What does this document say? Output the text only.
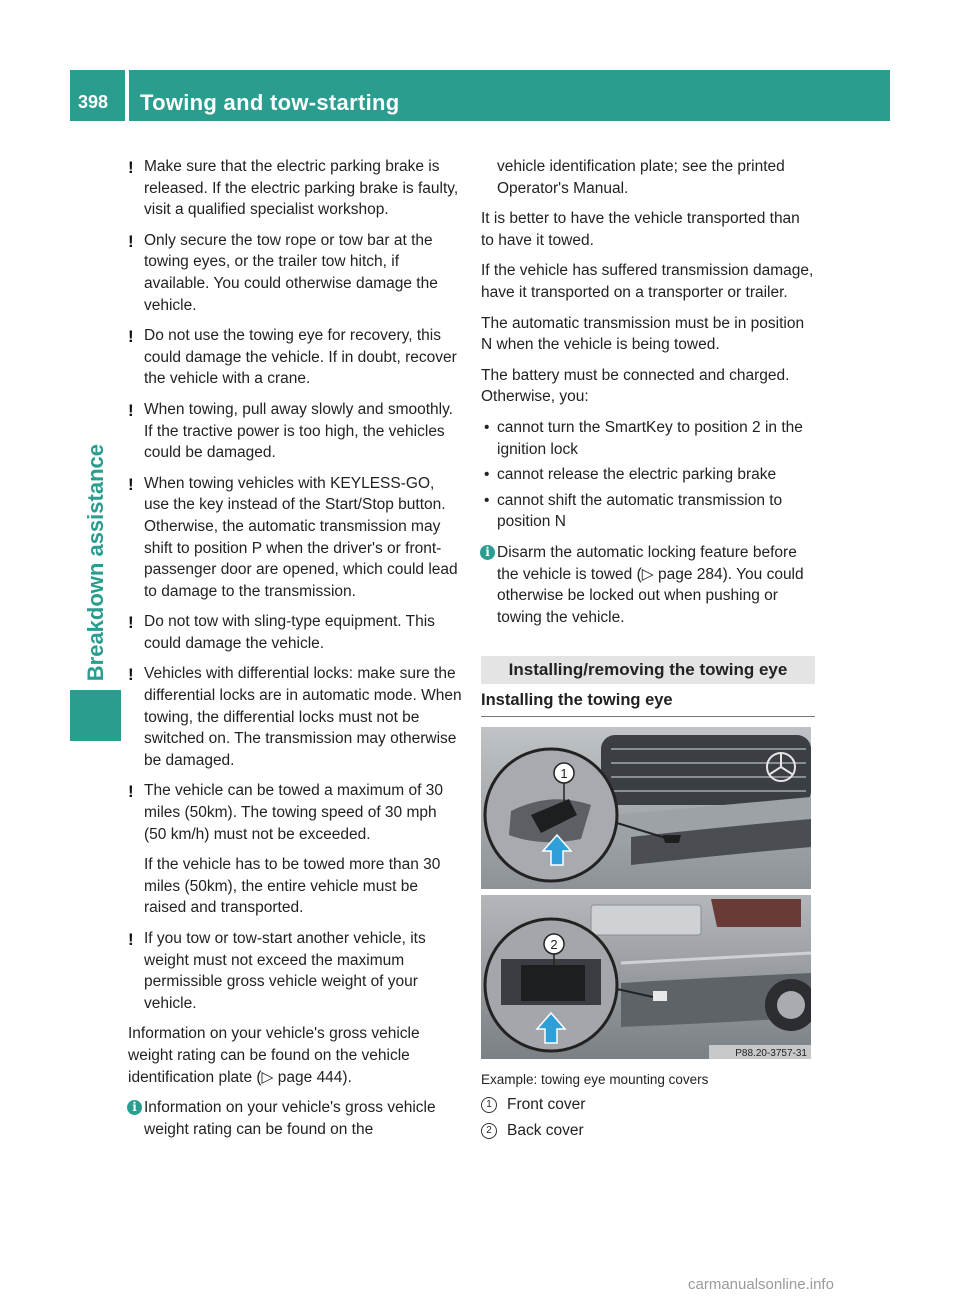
398 Towing and tow-starting
Breakdown assistance
! Make sure that the electric parking brake is released. If the electric parking brake is faulty, visit a qualified specialist workshop.

! Only secure the tow rope or tow bar at the towing eyes, or the trailer tow hitch, if available. You could otherwise damage the vehicle.

! Do not use the towing eye for recovery, this could damage the vehicle. If in doubt, recover the vehicle with a crane.

! When towing, pull away slowly and smoothly. If the tractive power is too high, the vehicles could be damaged.

! When towing vehicles with KEYLESS-GO, use the key instead of the Start/Stop button. Otherwise, the automatic transmission may shift to position P when the driver's or front-passenger door are opened, which could lead to damage to the transmission.

! Do not tow with sling-type equipment. This could damage the vehicle.

! Vehicles with differential locks: make sure the differential locks are in automatic mode. When towing, the differential locks must not be switched on. The transmission may otherwise be damaged.

! The vehicle can be towed a maximum of 30 miles (50km). The towing speed of 30 mph (50 km/h) must not be exceeded.

If the vehicle has to be towed more than 30 miles (50km), the entire vehicle must be raised and transported.

! If you tow or tow-start another vehicle, its weight must not exceed the maximum permissible gross vehicle weight of your vehicle.

Information on your vehicle's gross vehicle weight rating can be found on the vehicle identification plate (▷ page 444).

i Information on your vehicle's gross vehicle weight rating can be found on the

vehicle identification plate; see the printed Operator's Manual.

It is better to have the vehicle transported than to have it towed.

If the vehicle has suffered transmission damage, have it transported on a transporter or trailer.

The automatic transmission must be in position N when the vehicle is being towed.

The battery must be connected and charged. Otherwise, you:

• cannot turn the SmartKey to position 2 in the ignition lock
• cannot release the electric parking brake
• cannot shift the automatic transmission to position N
i Disarm the automatic locking feature before the vehicle is towed (▷ page 284). You could otherwise be locked out when pushing or towing the vehicle.

Installing/removing the towing eye
Installing the towing eye
1
2
P88.20-3757-31
Example: towing eye mounting covers
1 Front cover
2 Back cover
carmanualsonline.info
